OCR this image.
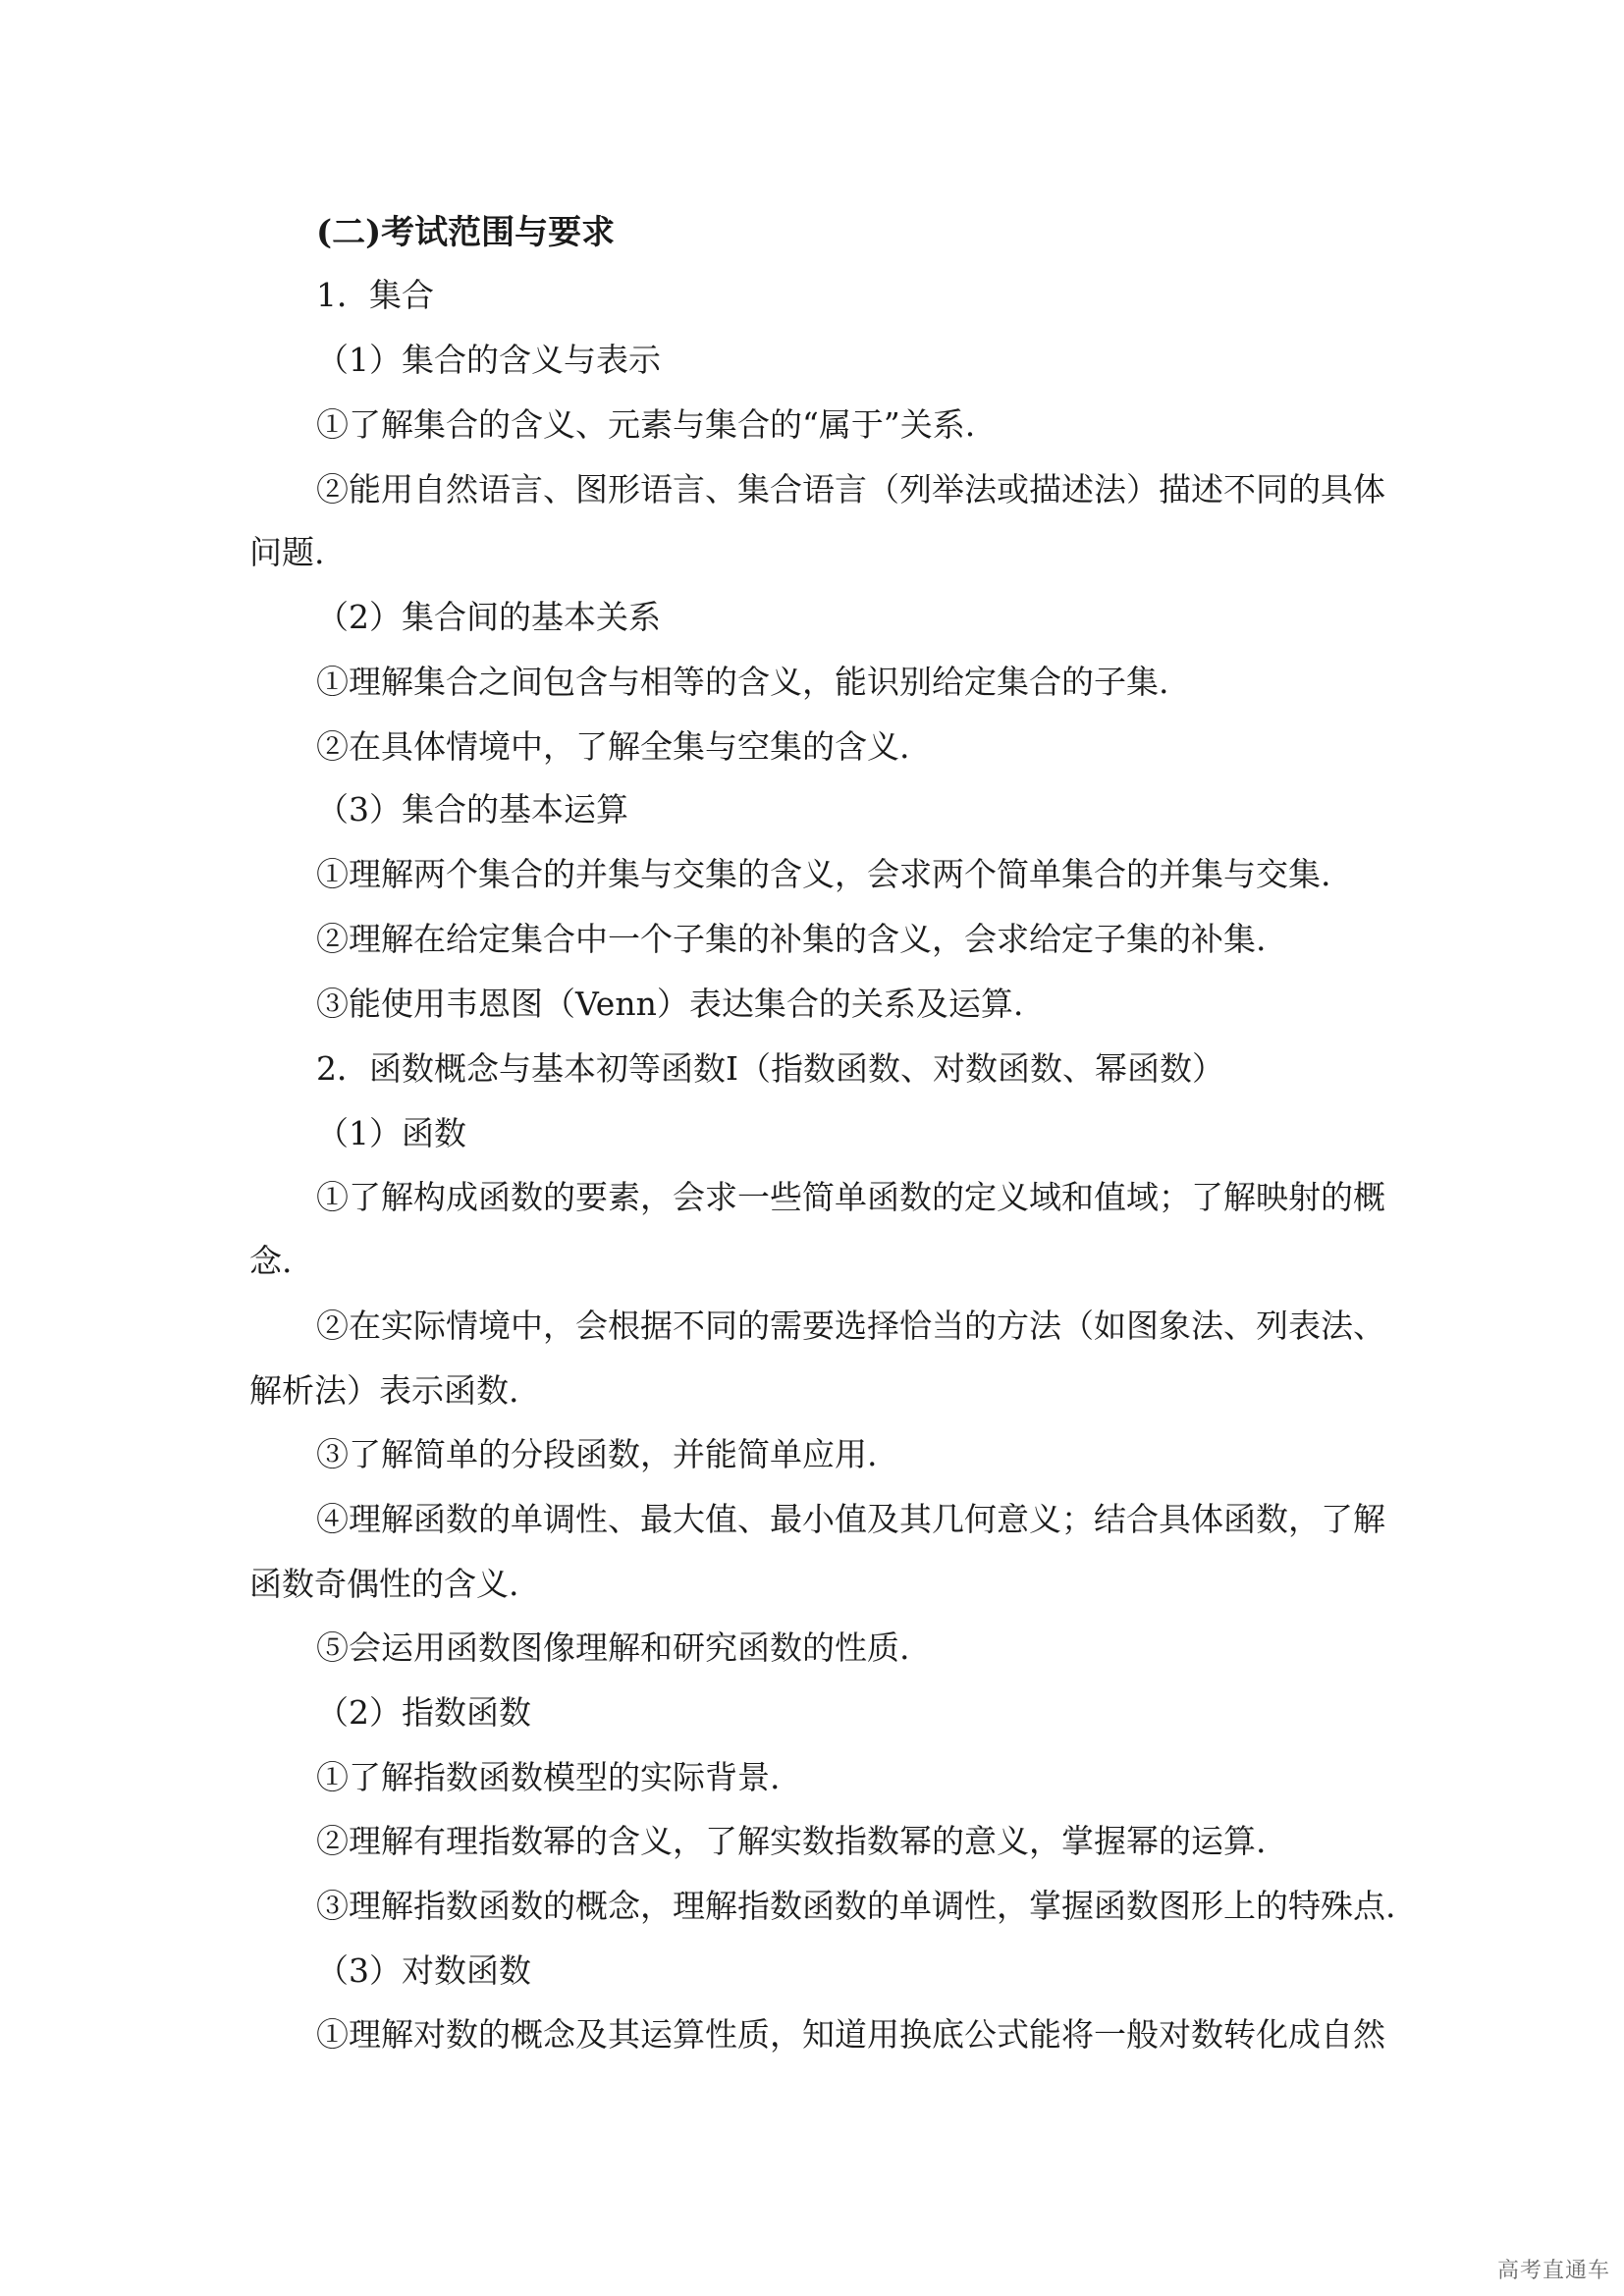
(二)考试范围与要求
1．集合
（1）集合的含义与表示
①了解集合的含义、元素与集合的“属于”关系.
②能用自然语言、图形语言、集合语言（列举法或描述法）描述不同的具体
问题.
（2）集合间的基本关系
①理解集合之间包含与相等的含义，能识别给定集合的子集.
②在具体情境中，了解全集与空集的含义.
（3）集合的基本运算
①理解两个集合的并集与交集的含义，会求两个简单集合的并集与交集.
②理解在给定集合中一个子集的补集的含义，会求给定子集的补集.
③能使用韦恩图（Venn）表达集合的关系及运算.
2．函数概念与基本初等函数Ⅰ（指数函数、对数函数、幂函数）
（1）函数
①了解构成函数的要素，会求一些简单函数的定义域和值域；了解映射的概
念.
②在实际情境中，会根据不同的需要选择恰当的方法（如图象法、列表法、
解析法）表示函数.
③了解简单的分段函数，并能简单应用.
④理解函数的单调性、最大值、最小值及其几何意义；结合具体函数，了解
函数奇偶性的含义.
⑤会运用函数图像理解和研究函数的性质.
（2）指数函数
①了解指数函数模型的实际背景.
②理解有理指数幂的含义，了解实数指数幂的意义，掌握幂的运算.
③理解指数函数的概念，理解指数函数的单调性，掌握函数图形上的特殊点.
（3）对数函数
①理解对数的概念及其运算性质，知道用换底公式能将一般对数转化成自然
高考直通车
